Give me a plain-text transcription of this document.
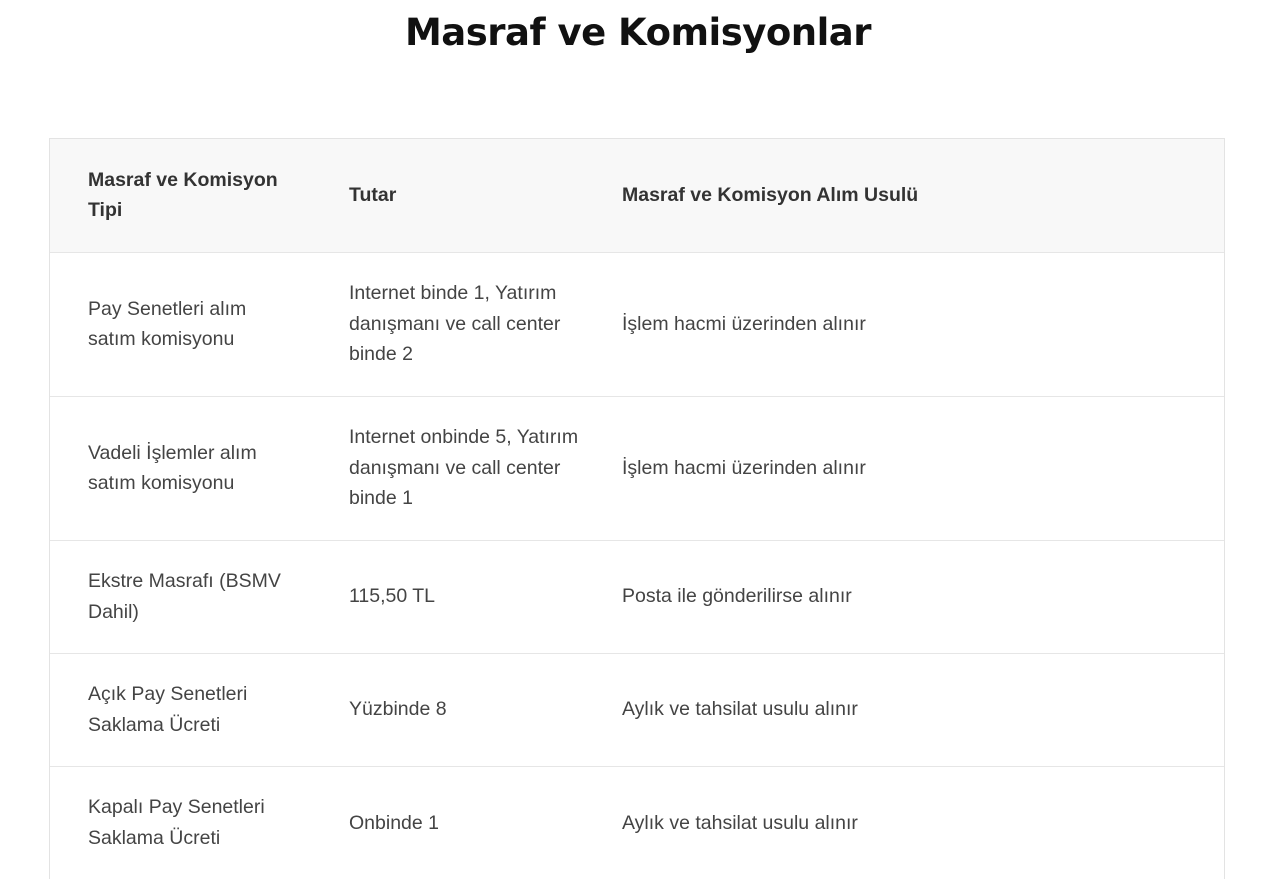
Masraf ve Komisyonlar
Masraf ve Komisyon Tipi	Tutar	Masraf ve Komisyon Alım Usulü
Pay Senetleri alım satım komisyonu	Internet binde 1, Yatırım danışmanı ve call center binde 2	İşlem hacmi üzerinden alınır
Vadeli İşlemler alım satım komisyonu	Internet onbinde 5, Yatırım danışmanı ve call center binde 1	İşlem hacmi üzerinden alınır
Ekstre Masrafı (BSMV Dahil)	115,50 TL	Posta ile gönderilirse alınır
Açık Pay Senetleri Saklama Ücreti	Yüzbinde 8	Aylık ve tahsilat usulu alınır
Kapalı Pay Senetleri Saklama Ücreti	Onbinde 1	Aylık ve tahsilat usulu alınır
